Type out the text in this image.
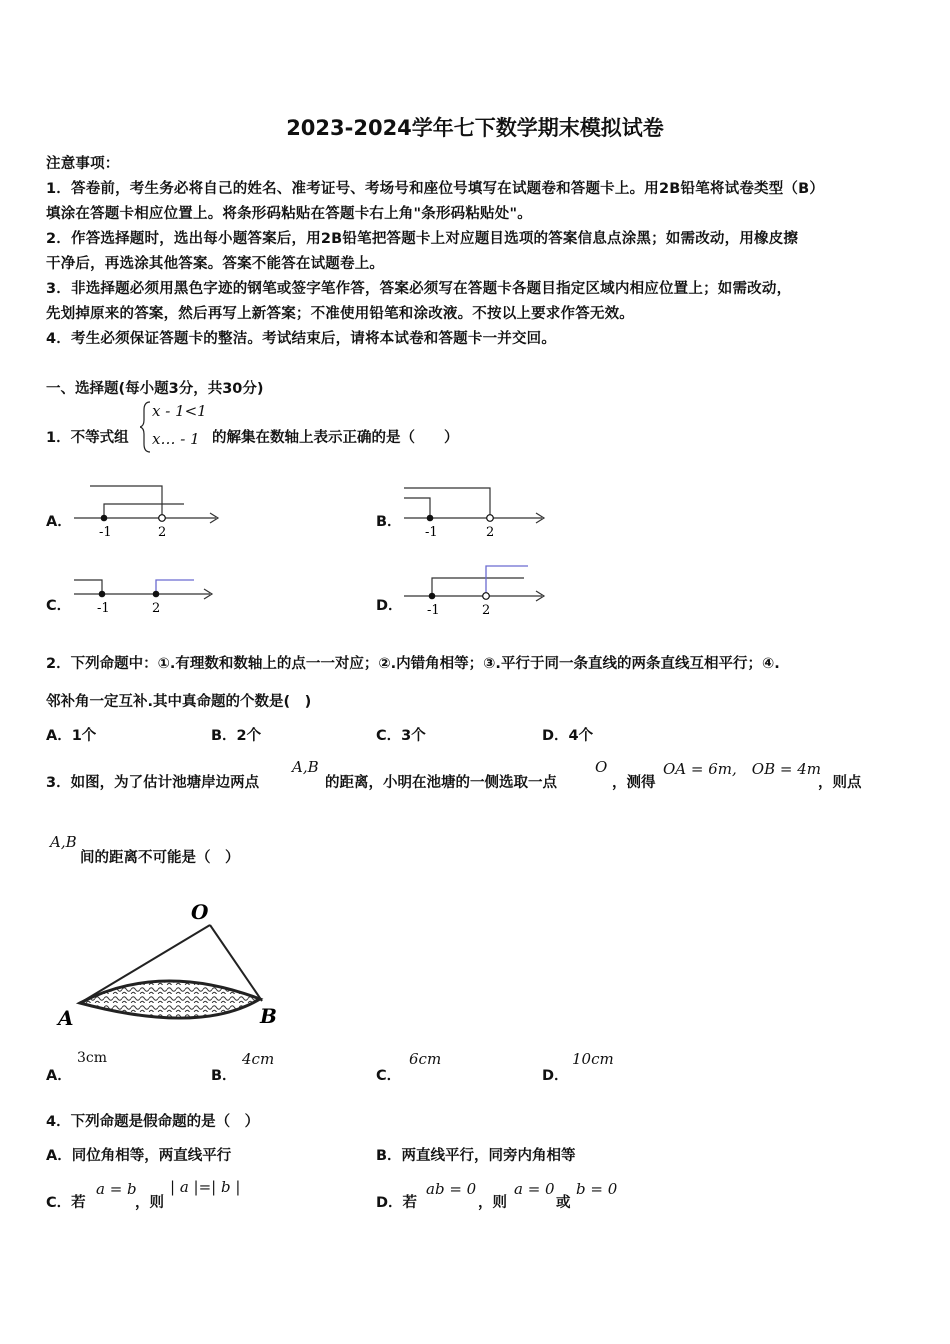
2023-2024学年七下数学期末模拟试卷
注意事项：
1．答卷前，考生务必将自己的姓名、准考证号、考场号和座位号填写在试题卷和答题卡上。用2B铅笔将试卷类型（B）
填涂在答题卡相应位置上。将条形码粘贴在答题卡右上角"条形码粘贴处"。
2．作答选择题时，选出每小题答案后，用2B铅笔把答题卡上对应题目选项的答案信息点涂黑；如需改动，用橡皮擦
干净后，再选涂其他答案。答案不能答在试题卷上。
3．非选择题必须用黑色字迹的钢笔或签字笔作答，答案必须写在答题卡各题目指定区域内相应位置上；如需改动，
先划掉原来的答案，然后再写上新答案；不准使用铅笔和涂改液。不按以上要求作答无效。
4．考生必须保证答题卡的整洁。考试结束后，请将本试卷和答题卡一并交回。
一、选择题(每小题3分，共30分)
1．不等式组
x - 1<1
x… - 1 的解集在数轴上表示正确的是（　　）
A．
-1	2
B．
-1	2
C． -1	2	D． -1	2
2．下列命题中：①.有理数和数轴上的点一一对应；②.内错角相等；③.平行于同一条直线的两条直线互相平行；④.
邻补角一定互补.其中真命题的个数是(　)
A．1个	B．2个	C．3个	D．4个
3．如图，为了估计池塘岸边两点
A,B
的距离，小明在池塘的一侧选取一点
O
，测得
OA = 6m,　OB = 4m
，则点
A,B
间的距离不可能是（　）
O
A	B
A．
3cm
B．
4cm
C．
6cm
D．
10cm
4．下列命题是假命题的是（　）
A．同位角相等，两直线平行	B．两直线平行，同旁内角相等
C．若
a = b
，则
| a |=| b |
D．若
ab = 0
，则
a = 0
或
b = 0
